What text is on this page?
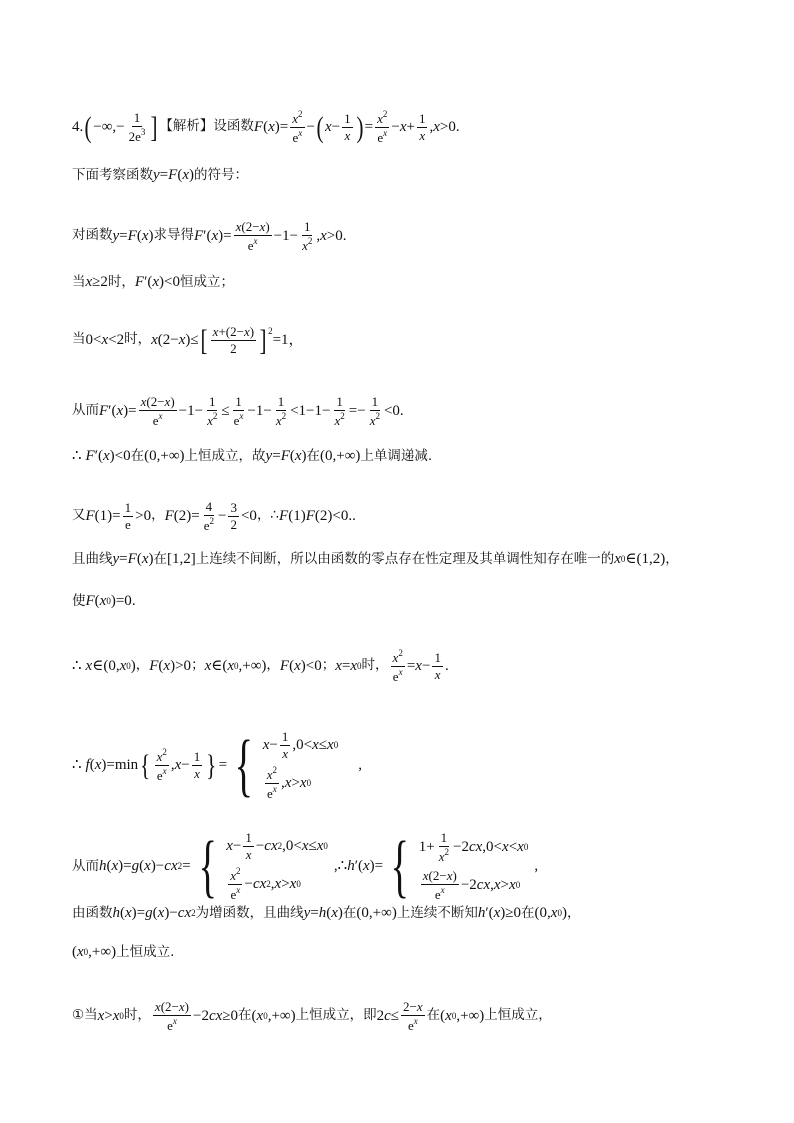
4. ( −∞,− $\frac{1}{2e^3}$ ] 【解析】设函数 F ( x )= $\frac{x^2}{e^x}$ − ( $x - \frac{1}{x}$ ) = $\frac{x^2}{e^x} -x+ \frac{1}{x} ,x>0$ .
下面考察函数 y = F ( x ) 的符号：
对函数 y = F ( x ) 求导得 F ′( x )= $\frac{x(2-x)}{e^x} -1- \frac{1}{x^2} ,x>0$.
当 x ≥2 时， F ′( x )<0 恒成立；
当 0<x<2 时， x (2−x)≤ [ $\frac{x+(2-x)}{2} ]^2$
=1，
从而 F ′( x )= $\frac{x(2-x)}{e^x} -1- \frac{1}{x^2} \le \frac{1}{e^x} -1- \frac{1}{x^2} <1-1- \frac{1}{x^2} =- \frac{1}{x^2} <0$.
∴ F ′( x )<0 在 (0,+∞) 上恒成立，故 y = F ( x ) 在 (0,+∞) 上单调递减.
又 F $(1)= \frac{1}{e} >0$ ， F $(2)= \frac{4}{e^2} - \frac{3}{2} <0$ ，∴ F (1) F (2)<0 . .
且曲线 y = F ( x ) 在 [1,2] 上连续不间断，所以由函数的零点存在性定理及其单调性知存在唯一的 x 0 ∈(1,2) ，
使 F ( x 0 )=0 .
∴ x ∈(0,x 0 ) ， F ( x )>0 ； x ∈(x 0 ,+∞) ， F ( x )<0 ； x =x 0 时， $\frac{x^2}{e^x} =x- \frac{1}{x}$ .
∴ f ( x )=min { $\frac{x^2}{e^x} ,x- \frac{1}{x}$ } = { $x - \frac{1}{x} ,0<x\le x$ 0
$\frac{x^2}{e^x} ,x>x$ 0
,
从而 h ( x )= g ( x )−cx 2 = { $x - \frac{1}{x} -cx$ 2 ,0<x≤x 0
$\frac{x^2}{e^x} -cx$ 2 ,x>x 0
,∴ h ′( x )= { $1+ \frac{1}{x^2} -2cx,0<x<x$ 0
$\frac{x(2-x)}{e^x} -2cx,x>x$ 0
,
由函数 h ( x )= g ( x )−cx 2 为增函数，且曲线 y = h ( x ) 在 (0,+∞) 上连续不断知 h ′( x )≥0 在 (0,x 0 ) ，
(x 0 ,+∞) 上恒成立.
①当 x >x 0 时， $\frac{x(2-x)}{e^x} -2cx\ge 0$ 在 (x 0 ,+∞) 上恒成立，即 $2c\le \frac{2-x}{e^x}$ 在 (x 0 ,+∞) 上恒成立，
